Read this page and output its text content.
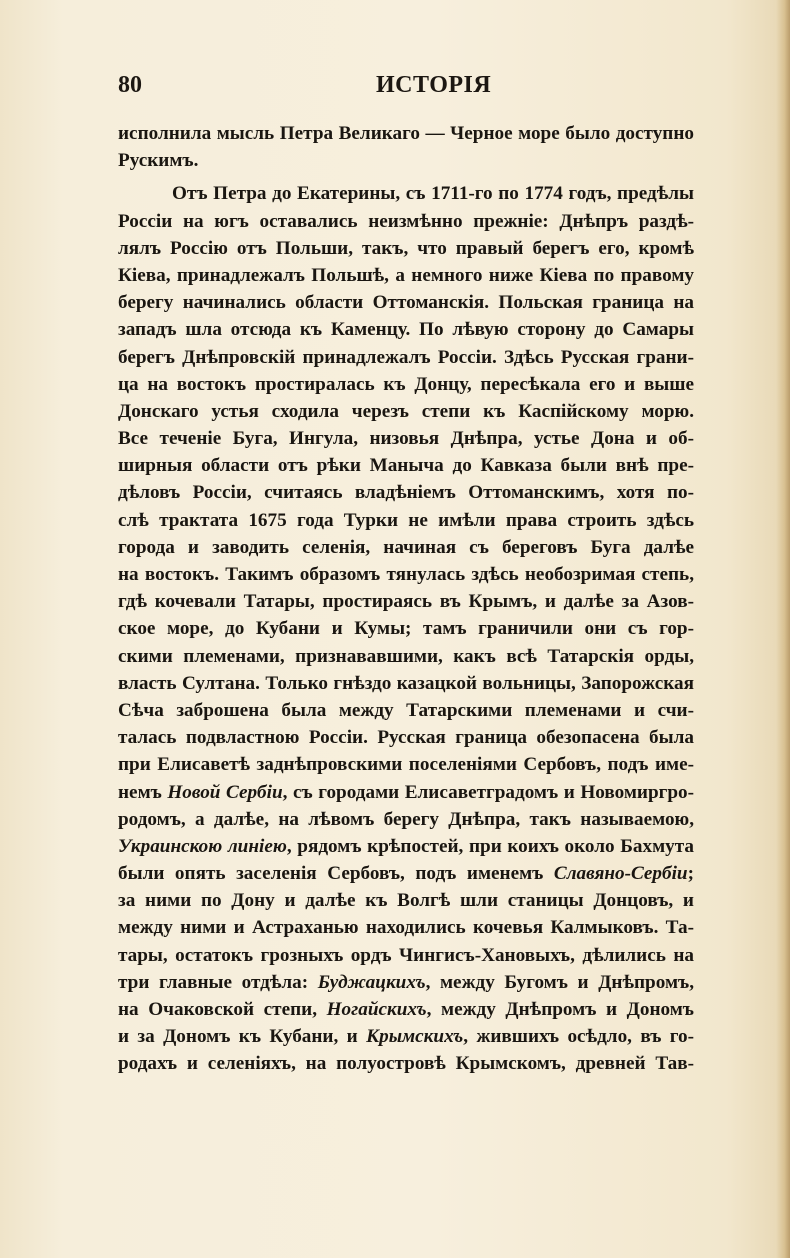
80	ИСТОРІЯ
исполнила мысль Петра Великаго — Черное море было доступно
Рускимъ.
Отъ Петра до Екатерины, съ 1711-го по 1774 годъ, предѣлы
Россіи на югъ оставались неизмѣнно прежніе: Днѣпръ раздѣ-
лялъ Россію отъ Польши, такъ, что правый берегъ его, кромѣ
Кіева, принадлежалъ Польшѣ, а немного ниже Кіева по правому
берегу начинались области Оттоманскія. Польская граница на
западъ шла отсюда къ Каменцу. По лѣвую сторону до Самары
берегъ Днѣпровскій принадлежалъ Россіи. Здѣсь Русская грани-
ца на востокъ простиралась къ Донцу, пересѣкала его и выше
Донскаго устья сходила черезъ степи къ Каспійскому морю.
Все теченіе Буга, Ингула, низовья Днѣпра, устье Дона и об-
ширныя области отъ рѣки Маныча до Кавказа были внѣ пре-
дѣловъ Россіи, считаясь владѣніемъ Оттоманскимъ, хотя по-
слѣ трактата 1675 года Турки не имѣли права строить здѣсь
города и заводить селенія, начиная съ береговъ Буга далѣе
на востокъ. Такимъ образомъ тянулась здѣсь необозримая степь,
гдѣ кочевали Татары, простираясь въ Крымъ, и далѣе за Азов-
ское море, до Кубани и Кумы; тамъ граничили они съ гор-
скими племенами, признававшими, какъ всѣ Татарскія орды,
власть Султана. Только гнѣздо казацкой вольницы, Запорожская
Сѣча заброшена была между Татарскими племенами и счи-
талась подвластною Россіи. Русская граница обезопасена была
при Елисаветѣ заднѣпровскими поселеніями Сербовъ, подъ име-
немъ Новой Сербіи, съ городами Елисаветградомъ и Новомиргро-
родомъ, а далѣе, на лѣвомъ берегу Днѣпра, такъ называемою,
Украинскою линіею, рядомъ крѣпостей, при коихъ около Бахмута
были опять заселенія Сербовъ, подъ именемъ Славяно-Сербіи;
за ними по Дону и далѣе къ Волгѣ шли станицы Донцовъ, и
между ними и Астраханью находились кочевья Калмыковъ. Та-
тары, остатокъ грозныхъ ордъ Чингисъ-Хановыхъ, дѣлились на
три главные отдѣла: Буджацкихъ, между Бугомъ и Днѣпромъ,
на Очаковской степи, Ногайскихъ, между Днѣпромъ и Дономъ
и за Дономъ къ Кубани, и Крымскихъ, жившихъ осѣдло, въ го-
родахъ и селеніяхъ, на полуостровѣ Крымскомъ, древней Тав-
